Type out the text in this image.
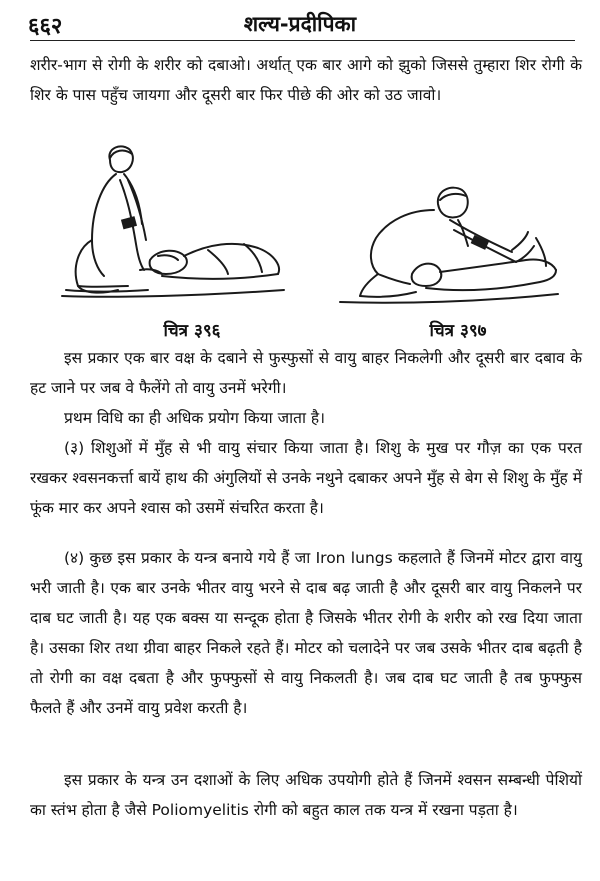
६६२	शल्य-प्रदीपिका

शरीर-भाग से रोगी के शरीर को दबाओ। अर्थात् एक बार आगे को झुको जिससे तुम्हारा शिर रोगी के शिर के पास पहुँच जायगा और दूसरी बार फिर पीछे की ओर को उठ जावो।

चित्र ३९६	चित्र ३९७

इस प्रकार एक बार वक्ष के दबाने से फुस्फुसों से वायु बाहर निकलेगी और दूसरी बार दबाव के हट जाने पर जब वे फैलेंगे तो वायु उनमें भरेगी।

प्रथम विधि का ही अधिक प्रयोग किया जाता है।

(३) शिशुओं में मुँह से भी वायु संचार किया जाता है। शिशु के मुख पर गौज़ का एक परत रखकर श्वसनकर्त्ता बायें हाथ की अंगुलियों से उनके नथुने दबाकर अपने मुँह से बेग से शिशु के मुँह में फूंक मार कर अपने श्वास को उसमें संचरित करता है।

(४) कुछ इस प्रकार के यन्त्र बनाये गये हैं जा Iron lungs कहलाते हैं जिनमें मोटर द्वारा वायु भरी जाती है। एक बार उनके भीतर वायु भरने से दाब बढ़ जाती है और दूसरी बार वायु निकलने पर दाब घट जाती है। यह एक बक्स या सन्दूक होता है जिसके भीतर रोगी के शरीर को रख दिया जाता है। उसका शिर तथा ग्रीवा बाहर निकले रहते हैं। मोटर को चलादेने पर जब उसके भीतर दाब बढ़ती है तो रोगी का वक्ष दबता है और फुफ्फुसों से वायु निकलती है। जब दाब घट जाती है तब फुफ्फुस फैलते हैं और उनमें वायु प्रवेश करती है।

इस प्रकार के यन्त्र उन दशाओं के लिए अधिक उपयोगी होते हैं जिनमें श्वसन सम्बन्धी पेशियों का स्तंभ होता है जैसे Poliomyelitis रोगी को बहुत काल तक यन्त्र में रखना पड़ता है।
